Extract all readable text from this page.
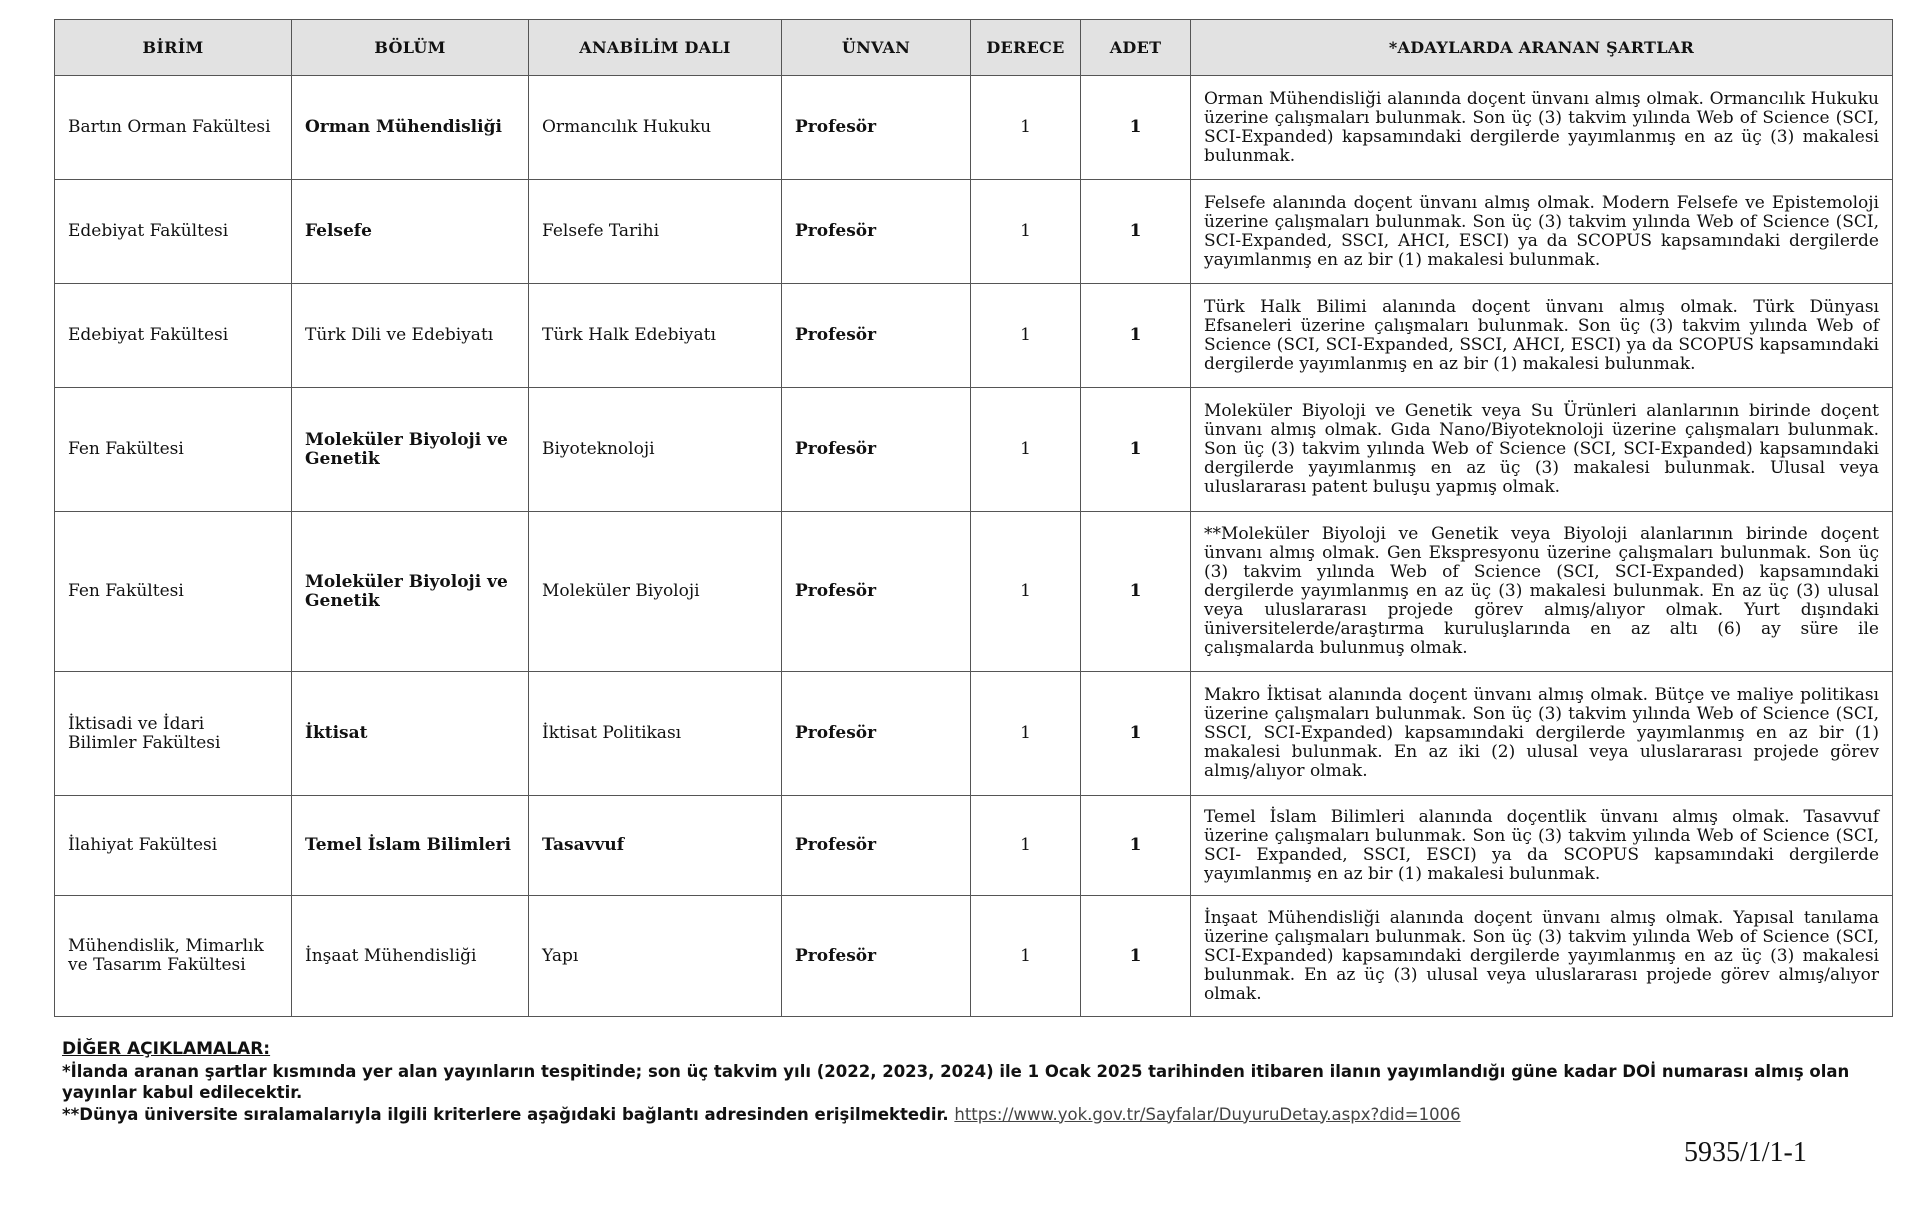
BİRİM	BÖLÜM	ANABİLİM DALI	ÜNVAN	DERECE	ADET	*ADAYLARDA ARANAN ŞARTLAR
Bartın Orman Fakültesi	Orman Mühendisliği	Ormancılık Hukuku	Profesör	1	1	Orman Mühendisliği alanında doçent ünvanı almış olmak. Ormancılık Hukuku üzerine çalışmaları bulunmak. Son üç (3) takvim yılında Web of Science (SCI, SCI-Expanded) kapsamındaki dergilerde yayımlanmış en az üç (3) makalesi bulunmak.
Edebiyat Fakültesi	Felsefe	Felsefe Tarihi	Profesör	1	1	Felsefe alanında doçent ünvanı almış olmak. Modern Felsefe ve Epistemoloji üzerine çalışmaları bulunmak. Son üç (3) takvim yılında Web of Science (SCI, SCI-Expanded, SSCI, AHCI, ESCI) ya da SCOPUS kapsamındaki dergilerde yayımlanmış en az bir (1) makalesi bulunmak.
Edebiyat Fakültesi	Türk Dili ve Edebiyatı	Türk Halk Edebiyatı	Profesör	1	1	Türk Halk Bilimi alanında doçent ünvanı almış olmak. Türk Dünyası Efsaneleri üzerine çalışmaları bulunmak. Son üç (3) takvim yılında Web of Science (SCI, SCI-Expanded, SSCI, AHCI, ESCI) ya da SCOPUS kapsamındaki dergilerde yayımlanmış en az bir (1) makalesi bulunmak.
Fen Fakültesi	Moleküler Biyoloji ve Genetik	Biyoteknoloji	Profesör	1	1	Moleküler Biyoloji ve Genetik veya Su Ürünleri alanlarının birinde doçent ünvanı almış olmak. Gıda Nano/Biyoteknoloji üzerine çalışmaları bulunmak. Son üç (3) takvim yılında Web of Science (SCI, SCI-Expanded) kapsamındaki dergilerde yayımlanmış en az üç (3) makalesi bulunmak. Ulusal veya uluslararası patent buluşu yapmış olmak.
Fen Fakültesi	Moleküler Biyoloji ve Genetik	Moleküler Biyoloji	Profesör	1	1	**Moleküler Biyoloji ve Genetik veya Biyoloji alanlarının birinde doçent ünvanı almış olmak. Gen Ekspresyonu üzerine çalışmaları bulunmak. Son üç (3) takvim yılında Web of Science (SCI, SCI-Expanded) kapsamındaki dergilerde yayımlanmış en az üç (3) makalesi bulunmak. En az üç (3) ulusal veya uluslararası projede görev almış/alıyor olmak. Yurt dışındaki üniversitelerde/araştırma kuruluşlarında en az altı (6) ay süre ile çalışmalarda bulunmuş olmak.
İktisadi ve İdari Bilimler Fakültesi	İktisat	İktisat Politikası	Profesör	1	1	Makro İktisat alanında doçent ünvanı almış olmak. Bütçe ve maliye politikası üzerine çalışmaları bulunmak. Son üç (3) takvim yılında Web of Science (SCI, SSCI, SCI-Expanded) kapsamındaki dergilerde yayımlanmış en az bir (1) makalesi bulunmak. En az iki (2) ulusal veya uluslararası projede görev almış/alıyor olmak.
İlahiyat Fakültesi	Temel İslam Bilimleri	Tasavvuf	Profesör	1	1	Temel İslam Bilimleri alanında doçentlik ünvanı almış olmak. Tasavvuf üzerine çalışmaları bulunmak. Son üç (3) takvim yılında Web of Science (SCI, SCI- Expanded, SSCI, ESCI) ya da SCOPUS kapsamındaki dergilerde yayımlanmış en az bir (1) makalesi bulunmak.
Mühendislik, Mimarlık ve Tasarım Fakültesi	İnşaat Mühendisliği	Yapı	Profesör	1	1	İnşaat Mühendisliği alanında doçent ünvanı almış olmak. Yapısal tanılama üzerine çalışmaları bulunmak. Son üç (3) takvim yılında Web of Science (SCI, SCI-Expanded) kapsamındaki dergilerde yayımlanmış en az üç (3) makalesi bulunmak. En az üç (3) ulusal veya uluslararası projede görev almış/alıyor olmak.
DİĞER AÇIKLAMALAR:
*İlanda aranan şartlar kısmında yer alan yayınların tespitinde; son üç takvim yılı (2022, 2023, 2024) ile 1 Ocak 2025 tarihinden itibaren ilanın yayımlandığı güne kadar DOİ numarası almış olan yayınlar kabul edilecektir.
**Dünya üniversite sıralamalarıyla ilgili kriterlere aşağıdaki bağlantı adresinden erişilmektedir. https://www.yok.gov.tr/Sayfalar/DuyuruDetay.aspx?did=1006
5935/1/1-1
